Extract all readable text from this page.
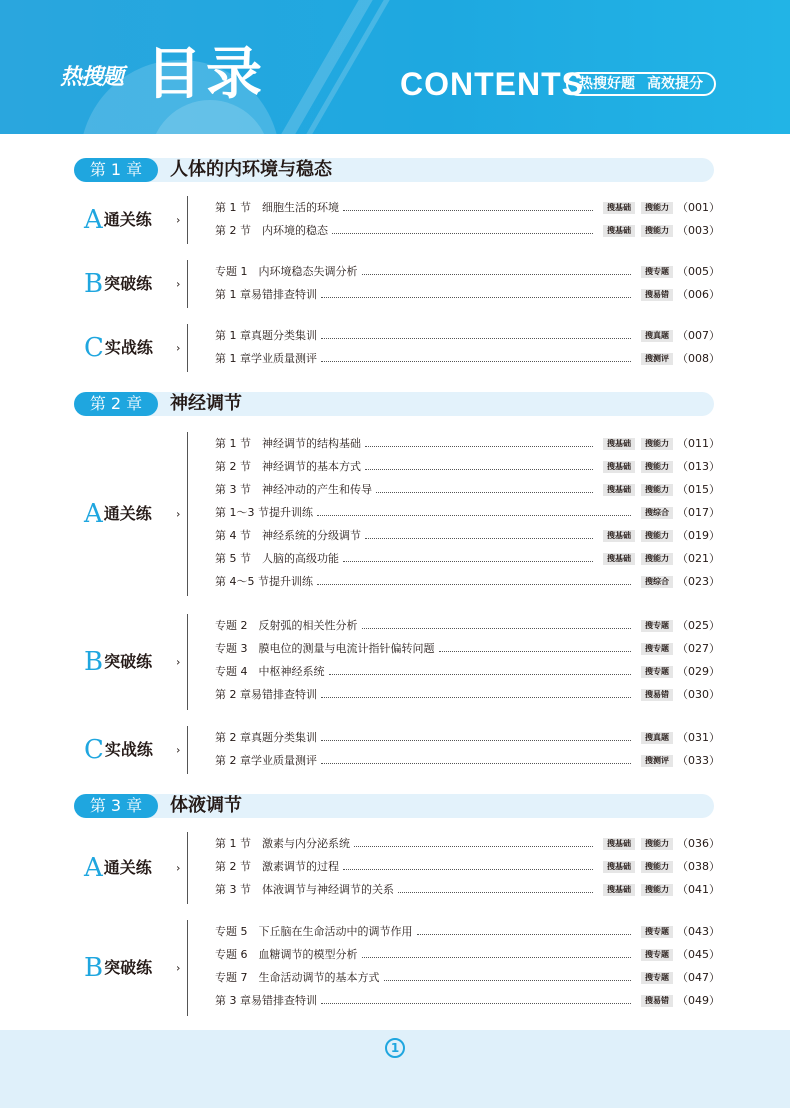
热搜题 目录	CONTENTS
热搜好题 高效提分
第 1 章	人体的内环境与稳态
A通关练 ›
第 1 节　细胞生活的环境	搜基础	搜能力 （001）
第 2 节　内环境的稳态	搜基础	搜能力 （003）
B突破练 ›
专题 1　内环境稳态失调分析	搜专题 （005）
第 1 章易错排查特训	搜易错 （006）
C实战练 ›
第 1 章真题分类集训	搜真题 （007）
第 1 章学业质量测评	搜测评 （008）
第 2 章	神经调节
A通关练 ›
第 1 节　神经调节的结构基础	搜基础	搜能力 （011）
第 2 节　神经调节的基本方式	搜基础	搜能力 （013）
第 3 节　神经冲动的产生和传导	搜基础	搜能力 （015）
第 1～3 节提升训练	搜综合 （017）
第 4 节　神经系统的分级调节	搜基础	搜能力 （019）
第 5 节　人脑的高级功能	搜基础	搜能力 （021）
第 4～5 节提升训练	搜综合 （023）
B突破练 ›
专题 2　反射弧的相关性分析	搜专题 （025）
专题 3　膜电位的测量与电流计指针偏转问题	搜专题 （027）
专题 4　中枢神经系统	搜专题 （029）
第 2 章易错排查特训	搜易错 （030）
C实战练 ›
第 2 章真题分类集训	搜真题 （031）
第 2 章学业质量测评	搜测评 （033）
第 3 章	体液调节
A通关练 ›
第 1 节　激素与内分泌系统	搜基础	搜能力 （036）
第 2 节　激素调节的过程	搜基础	搜能力 （038）
第 3 节　体液调节与神经调节的关系	搜基础	搜能力 （041）
B突破练 ›
专题 5　下丘脑在生命活动中的调节作用	搜专题 （043）
专题 6　血糖调节的模型分析	搜专题 （045）
专题 7　生命活动调节的基本方式	搜专题 （047）
第 3 章易错排查特训	搜易错 （049）
1
